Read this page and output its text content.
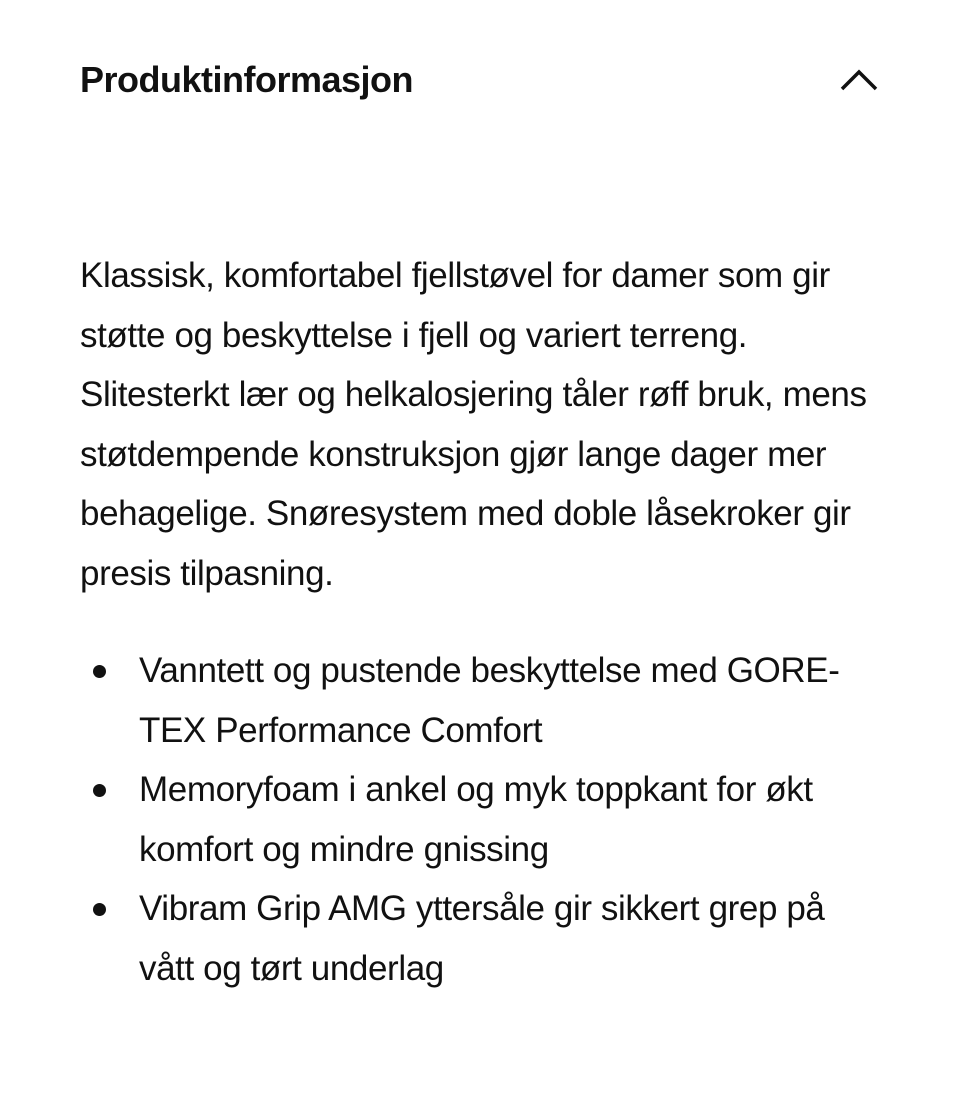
Produktinformasjon

Klassisk, komfortabel fjellstøvel for damer som gir støtte og beskyttelse i fjell og variert terreng. Slitesterkt lær og helkalosjering tåler røff bruk, mens støtdempende konstruksjon gjør lange dager mer behagelige. Snøresystem med doble låsekroker gir presis tilpasning.

Vanntett og pustende beskyttelse med GORE-TEX Performance Comfort
Memoryfoam i ankel og myk toppkant for økt komfort og mindre gnissing
Vibram Grip AMG yttersåle gir sikkert grep på vått og tørt underlag
